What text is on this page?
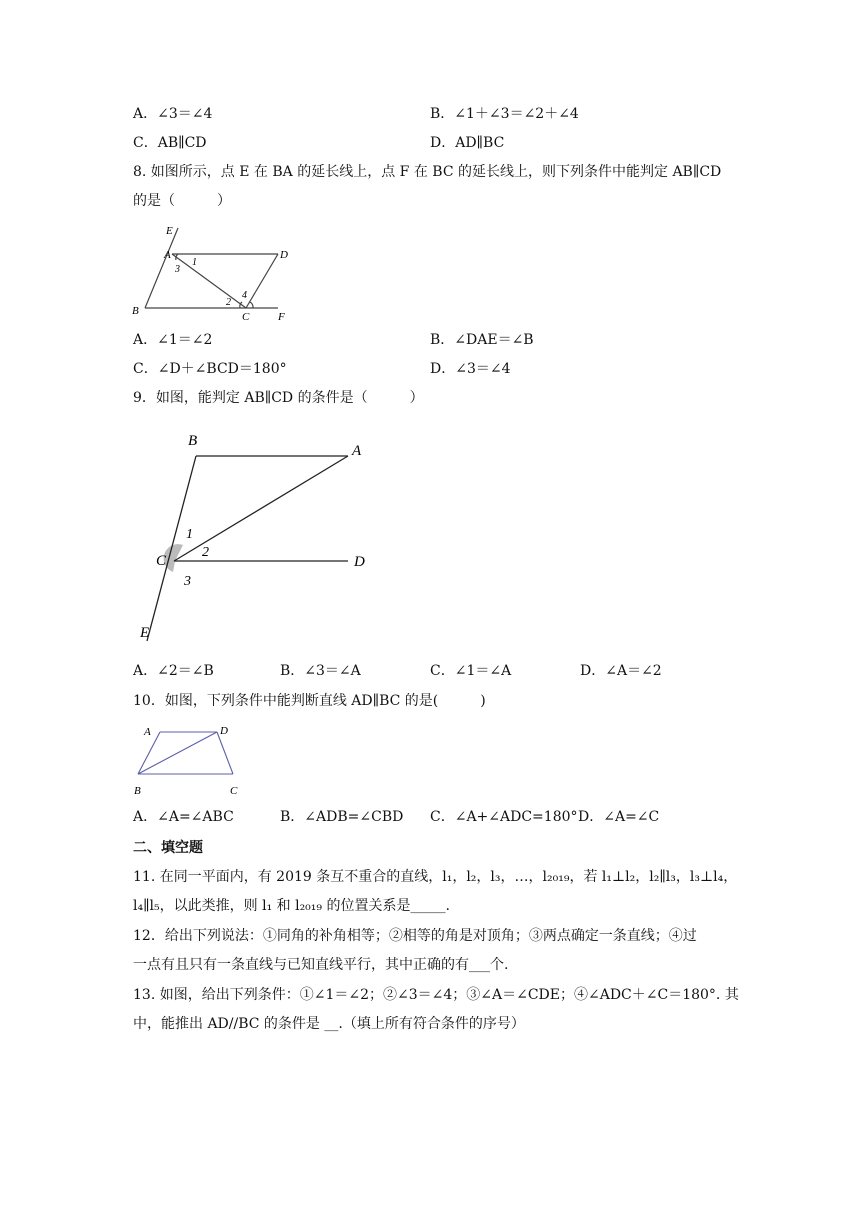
A．∠3＝∠4	B．∠1＋∠3＝∠2＋∠4
C．AB∥CD	D．AD∥BC
8. 如图所示，点 E 在 BA 的延长线上，点 F 在 BC 的延长线上，则下列条件中能判定 AB∥CD
的是（　　　）
E
A	D
B	C	F
1
3
2
4
A．∠1＝∠2	B．∠DAE＝∠B
C．∠D＋∠BCD＝180°	D．∠3＝∠4
9．如图，能判定 AB∥CD 的条件是（　　　）
B
A
C	D
E
1
2
3
A．∠2＝∠B	B．∠3＝∠A	C．∠1＝∠A	D．∠A＝∠2
10．如图，下列条件中能判断直线 AD∥BC 的是(　　　)
A	D
B	C
A．∠A=∠ABC	B．∠ADB=∠CBD C．∠A+∠ADC=180° D．∠A=∠C
二、填空题
11. 在同一平面内，有 2019 条互不重合的直线，l₁，l₂，l₃，…，l₂₀₁₉，若 l₁⊥l₂，l₂∥l₃，l₃⊥l₄，
l₄∥l₅，以此类推，则 l₁ 和 l₂₀₁₉ 的位置关系是_____.
12．给出下列说法：①同角的补角相等；②相等的角是对顶角；③两点确定一条直线；④过
一点有且只有一条直线与已知直线平行，其中正确的有___个.
13. 如图，给出下列条件：①∠1＝∠2；②∠3＝∠4；③∠A＝∠CDE；④∠ADC＋∠C＝180°. 其
中，能推出 AD//BC 的条件是 __.（填上所有符合条件的序号）
